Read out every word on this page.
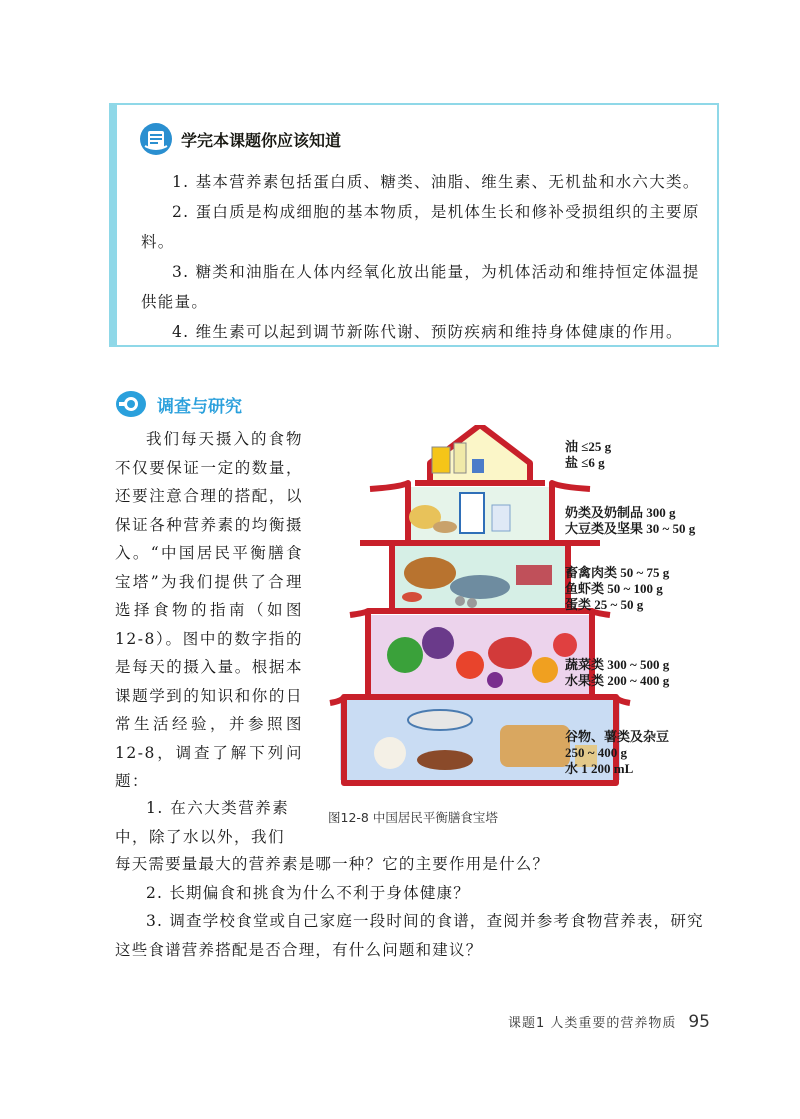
学完本课题你应该知道

1. 基本营养素包括蛋白质、糖类、油脂、维生素、无机盐和水六大类。

2. 蛋白质是构成细胞的基本物质，是机体生长和修补受损组织的主要原料。

3. 糖类和油脂在人体内经氧化放出能量，为机体活动和维持恒定体温提供能量。

4. 维生素可以起到调节新陈代谢、预防疾病和维持身体健康的作用。

调查与研究

我们每天摄入的食物不仅要保证一定的数量，还要注意合理的搭配，以保证各种营养素的均衡摄入。“中国居民平衡膳食宝塔”为我们提供了合理选择食物的指南（如图12-8）。图中的数字指的是每天的摄入量。根据本课题学到的知识和你的日常生活经验，并参照图12-8，调查了解下列问题：

1. 在六大类营养素中，除了水以外，我们

每天需要量最大的营养素是哪一种？它的主要作用是什么？

2. 长期偏食和挑食为什么不利于身体健康？

3. 调查学校食堂或自己家庭一段时间的食谱，查阅并参考食物营养表，研究这些食谱营养搭配是否合理，有什么问题和建议？

油 ≤25 g
盐 ≤6 g
奶类及奶制品 300 g
大豆类及坚果 30 ~ 50 g
畜禽肉类 50 ~ 75 g
鱼虾类 50 ~ 100 g
蛋类 25 ~ 50 g
蔬菜类 300 ~ 500 g
水果类 200 ~ 400 g
谷物、薯类及杂豆
250 ~ 400 g
水 1 200 mL
图12-8 中国居民平衡膳食宝塔
课题1 人类重要的营养物质 95
